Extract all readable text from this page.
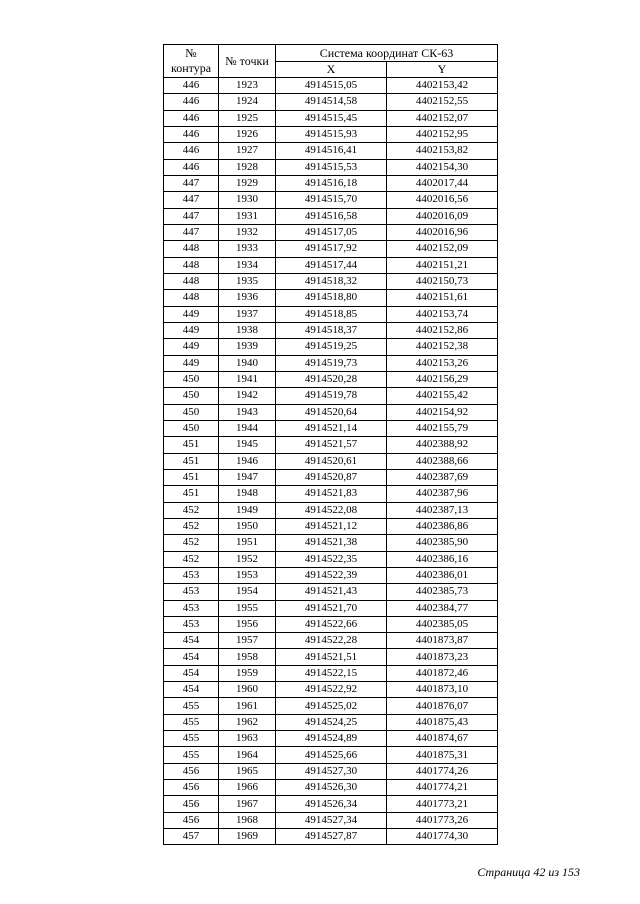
№
контура	№ точки	Система координат СК-63	
		X	Y
446	1923	4914515,05	4402153,42
446	1924	4914514,58	4402152,55
446	1925	4914515,45	4402152,07
446	1926	4914515,93	4402152,95
446	1927	4914516,41	4402153,82
446	1928	4914515,53	4402154,30
447	1929	4914516,18	4402017,44
447	1930	4914515,70	4402016,56
447	1931	4914516,58	4402016,09
447	1932	4914517,05	4402016,96
448	1933	4914517,92	4402152,09
448	1934	4914517,44	4402151,21
448	1935	4914518,32	4402150,73
448	1936	4914518,80	4402151,61
449	1937	4914518,85	4402153,74
449	1938	4914518,37	4402152,86
449	1939	4914519,25	4402152,38
449	1940	4914519,73	4402153,26
450	1941	4914520,28	4402156,29
450	1942	4914519,78	4402155,42
450	1943	4914520,64	4402154,92
450	1944	4914521,14	4402155,79
451	1945	4914521,57	4402388,92
451	1946	4914520,61	4402388,66
451	1947	4914520,87	4402387,69
451	1948	4914521,83	4402387,96
452	1949	4914522,08	4402387,13
452	1950	4914521,12	4402386,86
452	1951	4914521,38	4402385,90
452	1952	4914522,35	4402386,16
453	1953	4914522,39	4402386,01
453	1954	4914521,43	4402385,73
453	1955	4914521,70	4402384,77
453	1956	4914522,66	4402385,05
454	1957	4914522,28	4401873,87
454	1958	4914521,51	4401873,23
454	1959	4914522,15	4401872,46
454	1960	4914522,92	4401873,10
455	1961	4914525,02	4401876,07
455	1962	4914524,25	4401875,43
455	1963	4914524,89	4401874,67
455	1964	4914525,66	4401875,31
456	1965	4914527,30	4401774,26
456	1966	4914526,30	4401774,21
456	1967	4914526,34	4401773,21
456	1968	4914527,34	4401773,26
457	1969	4914527,87	4401774,30
Страница 42 из 153
